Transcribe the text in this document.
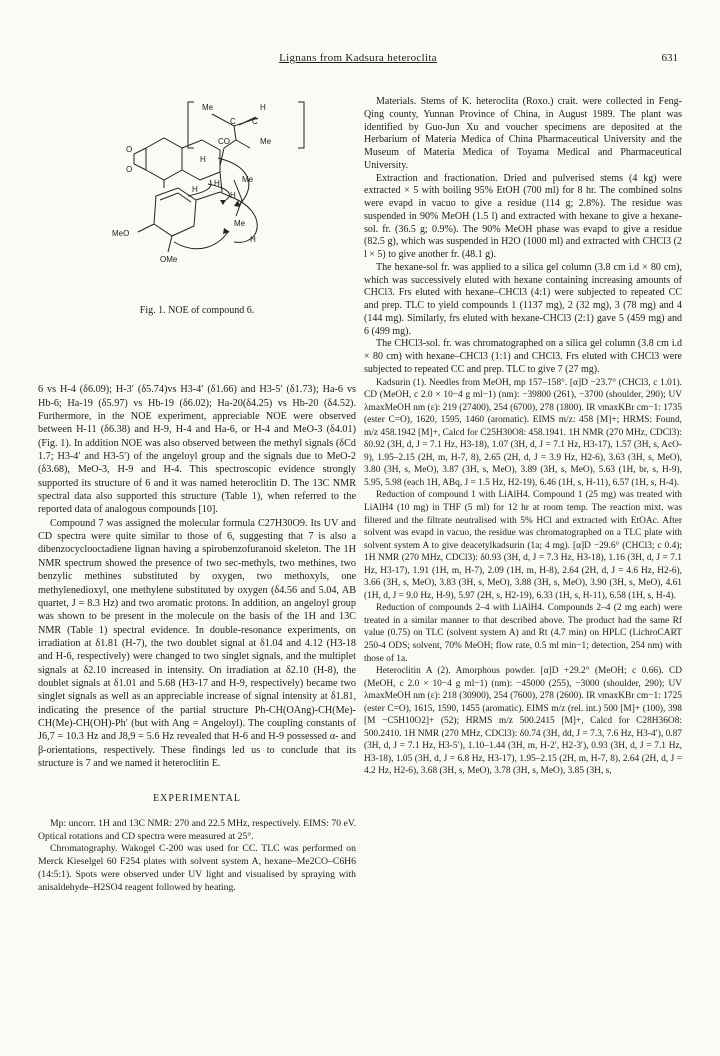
Lignans from Kadsura heteroclita	631
Me	H
C C
CO	Me
O
O
H
H
H
H
Me
Me
H
MeO
OMe
Fig. 1. NOE of compound 6.

6 vs H-4 (δ6.09); H-3′ (δ5.74)vs H3-4′ (δ1.66) and H3-5′ (δ1.73); Ha-6 vs Hb-6; Ha-19 (δ5.97) vs Hb-19 (δ6.02); Ha-20(δ4.25) vs Hb-20 (δ4.52). Furthermore, in the NOE experiment, appreciable NOE were observed between H-11 (δ6.38) and H-9, H-4 and Ha-6, or H-4 and MeO-3 (δ4.01) (Fig. 1). In addition NOE was also observed between the methyl signals (δCd 1.7; H3-4′ and H3-5′) of the angeloyl group and the signals due to MeO-2 (δ3.68), MeO-3, H-9 and H-4. This spectroscopic evidence strongly supported its structure of 6 and it was named heteroclitin D. The 13C NMR spectral data also supported this structure (Table 1), when referred to the reported data of analogous compounds [10].

Compound 7 was assigned the molecular formula C27H30O9. Its UV and CD spectra were quite similar to those of 6, suggesting that 7 is also a dibenzocyclooctadiene lignan having a spirobenzofuranoid skeleton. The 1H NMR spectrum showed the presence of two sec-methyls, two methines, two benzylic methines substituted by oxygen, two methoxyls, one methylenedioxyl, one methylene substituted by oxygen (δ4.56 and 5.04, AB quartet, J = 8.3 Hz) and two aromatic protons. In addition, an angeloyl group was shown to be present in the molecule on the basis of the 1H and 13C NMR (Table 1) spectral evidence. In double-resonance experiments, on irradiation at δ1.81 (H-7), the two doublet signal at δ1.04 and 4.12 (H3-18 and H-6, respectively) were changed to two singlet signals, and the multiplet signals at δ2.10 increased in intensity. On irradiation at δ2.10 (H-8), the doublet signals at δ1.01 and 5.68 (H3-17 and H-9, respectively) became two singlet signals as well as an appreciable increase of signal intensity at δ1.81, indicating the presence of the partial structure Ph-CH(OAng)-CH(Me)-CH(Me)-CH(OH)-Ph′ (but with Ang = Angeloyl). The coupling constants of J6,7 = 10.3 Hz and J8,9 = 5.6 Hz revealed that H-6 and H-9 possessed α- and β-orientations, respectively. These findings led us to conclude that its structure is 7 and we named it heteroclitin E.

EXPERIMENTAL

Mp: uncorr. 1H and 13C NMR: 270 and 22.5 MHz, respectively. EIMS: 70 eV. Optical rotations and CD spectra were measured at 25°.

Chromatography. Wakogel C-200 was used for CC. TLC was performed on Merck Kieselgel 60 F254 plates with solvent system A, hexane–Me2CO–C6H6 (14:5:1). Spots were observed under UV light and visualised by spraying with anisaldehyde–H2SO4 reagent followed by heating.

Materials. Stems of K. heteroclita (Roxo.) crait. were collected in Feng-Qing county, Yunnan Province of China, in August 1989. The plant was identified by Guo-Jun Xu and voucher specimens are deposited at the Herbarium of Materia Medica of China Pharmaceutical University and the Museum of Materia Medica of Toyama Medical and Pharmaceutical University.

Extraction and fractionation. Dried and pulverised stems (4 kg) were extracted × 5 with boiling 95% EtOH (700 ml) for 8 hr. The combined solns were evapd in vacuo to give a residue (114 g; 2.8%). The residue was suspended in 90% MeOH (1.5 l) and extracted with hexane to give a hexane-sol. fr. (36.5 g; 0.9%). The 90% MeOH phase was evapd to give a residue (82.5 g), which was suspended in H2O (1000 ml) and extracted with CHCl3 (2 l × 5) to give another fr. (48.1 g).

The hexane-sol fr. was applied to a silica gel column (3.8 cm i.d × 80 cm), which was successively eluted with hexane containing increasing amounts of CHCl3. Frs eluted with hexane–CHCl3 (4:1) were subjected to repeated CC and prep. TLC to yield compounds 1 (1137 mg), 2 (32 mg), 3 (78 mg) and 4 (144 mg). Similarly, frs eluted with hexane-CHCl3 (2:1) gave 5 (459 mg) and 6 (499 mg).

The CHCl3-sol. fr. was chromatographed on a silica gel column (3.8 cm i.d × 80 cm) with hexane–CHCl3 (1:1) and CHCl3. Frs eluted with CHCl3 were subjected to repeated CC and prep. TLC to give 7 (27 mg).

Kadsurin (1). Needles from MeOH, mp 157–158°. [α]D −23.7° (CHCl3, c 1.01). CD (MeOH, c 2.0 × 10−4 g ml−1) (nm): −39800 (261), −3700 (shoulder, 290); UV λmaxMeOH nm (ε): 219 (27400), 254 (6700), 278 (1800). IR νmaxKBr cm−1: 1735 (ester C=O), 1620, 1595, 1460 (aromatic). EIMS m/z: 458 [M]+; HRMS: Found, m/z 458.1942 [M]+, Calcd for C25H30O8: 458.1941. 1H NMR (270 MHz, CDCl3): δ0.92 (3H, d, J = 7.1 Hz, H3-18), 1.07 (3H, d, J = 7.1 Hz, H3-17), 1.57 (3H, s, AcO-9), 1.95–2.15 (2H, m, H-7, 8), 2.65 (2H, d, J = 3.9 Hz, H2-6), 3.63 (3H, s, MeO), 3.80 (3H, s, MeO), 3.87 (3H, s, MeO), 3.89 (3H, s, MeO), 5.63 (1H, br, s, H-9), 5.95, 5.98 (each 1H, ABq, J = 1.5 Hz, H2-19), 6.46 (1H, s, H-11), 6.57 (1H, s, H-4).

Reduction of compound 1 with LiAlH4. Compound 1 (25 mg) was treated with LiAlH4 (10 mg) in THF (5 ml) for 12 hr at room temp. The reaction mixt. was filtered and the filtrate neutralised with 5% HCl and extracted with EtOAc. After solvent was evapd in vacuo, the residue was chromatographed on a TLC plate with solvent system A to give deacetylkadsurin (1a; 4 mg). [α]D −29.6° (CHCl3; c 0.4); 1H NMR (270 MHz, CDCl3): δ0.93 (3H, d, J = 7.3 Hz, H3-18), 1.16 (3H, d, J = 7.1 Hz, H3-17), 1.91 (1H, m, H-7), 2.09 (1H, m, H-8), 2.64 (2H, d, J = 4.6 Hz, H2-6), 3.66 (3H, s, MeO), 3.83 (3H, s, MeO), 3.88 (3H, s, MeO), 3.90 (3H, s, MeO), 4.61 (1H, d, J = 9.0 Hz, H-9), 5.97 (2H, s, H2-19), 6.33 (1H, s, H-11), 6.58 (1H, s, H-4).

Reduction of compounds 2–4 with LiAlH4. Compounds 2–4 (2 mg each) were treated in a similar manner to that described above. The product had the same Rf value (0.75) on TLC (solvent system A) and Rt (4.7 min) on HPLC (LichroCART 250-4 ODS; solvent, 70% MeOH; flow rate, 0.5 ml min−1; detection, 254 nm) with those of 1a.

Heteroclitin A (2). Amorphous powder. [α]D +29.2° (MeOH; c 0.66). CD (MeOH, c 2.0 × 10−4 g ml−1) (nm): −45000 (255), −3000 (shoulder, 290); UV λmaxMeOH nm (ε): 218 (30900), 254 (7600), 278 (2600). IR νmaxKBr cm−1: 1725 (ester C=O), 1615, 1590, 1455 (aromatic). EIMS m/z (rel. int.) 500 [M]+ (100), 398 [M −C5H10O2]+ (52); HRMS m/z 500.2415 [M]+, Calcd for C28H36O8: 500.2410. 1H NMR (270 MHz, CDCl3): δ0.74 (3H, dd, J = 7.3, 7.6 Hz, H3-4′), 0.87 (3H, d, J = 7.1 Hz, H3-5′), 1.10–1.44 (3H, m, H-2′, H2-3′), 0.93 (3H, d, J = 7.1 Hz, H3-18), 1.05 (3H, d, J = 6.8 Hz, H3-17), 1.95–2.15 (2H, m, H-7, 8), 2.64 (2H, d, J = 4.2 Hz, H2-6), 3.68 (3H, s, MeO), 3.78 (3H, s, MeO), 3.85 (3H, s,
